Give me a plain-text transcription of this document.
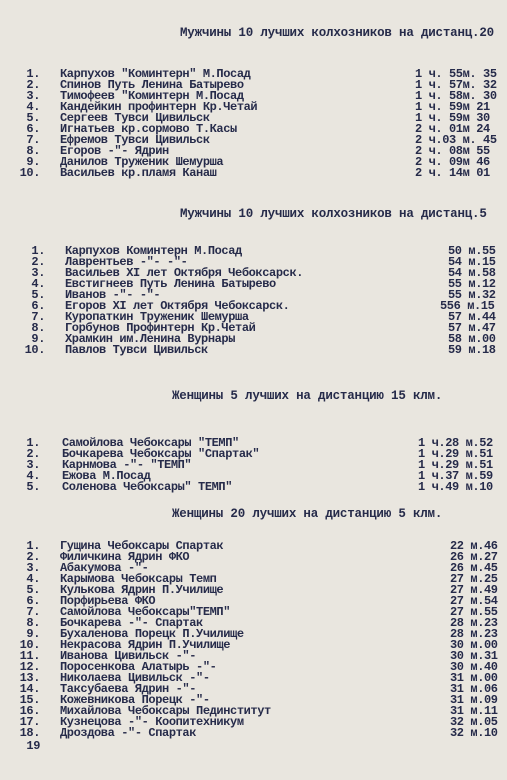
Мужчины 10 лучших колхозников на дистанц.20
1. Карпухов "Коминтерн" М.Посад	1 ч. 55м. 35
2. Спинов Путь Ленина Батырево	1 ч. 57м. 32
3. Тимофеев "Коминтерн М.Посад	1 ч. 58м. 30
4. Кандейкин профинтерн Кр.Четай	1 ч. 59м 21
5. Сергеев Тувси Цивильск	1 ч. 59м 30
6. Игнатьев кр.сормово Т.Касы	2 ч. 01м 24
7. Ефремов Тувси Цивильск	2 ч.03 м. 45
8. Егоров -"- Ядрин	2 ч. 08м 55
9. Данилов Труженик Шемурша	2 ч. 09м 46
10. Васильев кр.пламя Канаш	2 ч. 14м 01
Мужчины 10 лучших колхозников на дистанц.5
1. Карпухов Коминтерн М.Посад	50 м.55
2. Лаврентьев -"- -"-	54 м.15
3. Васильев XI лет Октября Чебоксарск.	54 м.58
4. Евстигнеев Путь Ленина Батырево	55 м.12
5. Иванов -"- -"-	55 м.32
6. Егоров XI лет Октября Чебоксарск.	556 м.15
7. Куропаткин Труженик Шемурша	57 м.44
8. Горбунов Профинтерн Кр.Четай	57 м.47
9. Храмкин им.Ленина Вурнары	58 м.00
10. Павлов Тувси Цивильск	59 м.18
Женщины 5 лучших на дистанцию 15 клм.
1. Самойлова Чебоксары "ТЕМП"	1 ч.28 м.52
2. Бочкарева Чебоксары "Спартак"	1 ч.29 м.51
3. Карнмова -"- "ТЕМП"	1 ч.29 м.51
4. Ежова М.Посад	1 ч.37 м.59
5. Соленова Чебоксары" ТЕМП"	1 ч.49 м.10
Женщины 20 лучших на дистанцию 5 клм.
1. Гущина Чебоксары Спартак	22 м.46
2. Филичкина Ядрин ФКО	26 м.27
3. Абакумова -"-	26 м.45
4. Карымова Чебоксары Темп	27 м.25
5. Кулькова Ядрин П.Училище	27 м.49
6. Порфирьева ФКО	27 м.54
7. Самойлова Чебоксары"ТЕМП"	27 м.55
8. Бочкарева -"- Спартак	28 м.23
9. Бухаленова Порецк П.Училище	28 м.23
10. Некрасова Ядрин П.Училище	30 м.00
11. Иванова Цивильск -"-	30 м.31
12. Поросенкова Алатырь -"-	30 м.40
13. Николаева Цивильск -"-	31 м.00
14. Таксубаева Ядрин -"-	31 м.06
15. Кожевникова Порецк -"-	31 м.09
16. Михайлова Чебоксары Пединститут	31 м.11
17. Кузнецова -"- Коопитехникум	32 м.05
18. Дроздова -"- Спартак	32 м.10
19
